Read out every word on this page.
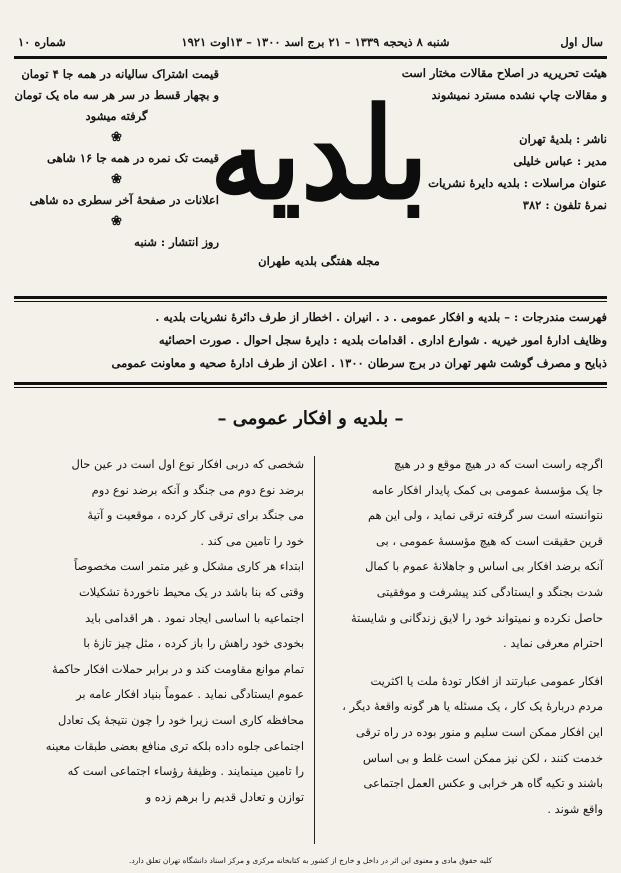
سال اول
شنبه ۸ ذیحجه ۱۳۳۹ – ۲۱ برج اسد ۱۳۰۰ – ۱۳اوت ۱۹۲۱
شماره ۱۰
هیئت تحریریه در اصلاح مقالات مختار است
و مقالات چاپ نشده مسترد نمیشوند
ناشر : بلدیهٔ تهران
مدیر : عباس خلیلی
عنوان مراسلات : بلدیه دایرهٔ نشریات
نمرهٔ تلفون : ۳۸۲
بلدیه
مجله هفتگی بلدیه طهران
قیمت اشتراک سالیانه در همه جا ۴ تومان
و بچهار قسط در سر هر سه ماه یک تومان
گرفته میشود
❀
قیمت تک نمره در همه جا ۱۶ شاهی
❀
اعلانات در صفحهٔ آخر سطری ده شاهی
❀
روز انتشار : شنبه
فهرست مندرجات : – بلدیه و افکار عمومی . د . انیران . اخطار از طرف دائرهٔ نشریات بلدیه .
وظایف ادارهٔ امور خیریه . شوارع اداری . اقدامات بلدیه : دایرهٔ سجل احوال . صورت احصائیه
ذبایح و مصرف گوشت شهر تهران در برج سرطان ۱۳۰۰ . اعلان از طرف ادارهٔ صحیه و معاونت عمومی
– بلدیه و افکار عمومی –
اگرچه راست است که در هیچ موقع و در هیچ
جا یک مؤسسهٔ عمومی بی کمک پایدار افکار عامه
نتوانسته است سر گرفته ترقی نماید ، ولی این هم
قرین حقیقت است که هیچ مؤسسهٔ عمومی ، بی
آنکه برضد افکار بی اساس و جاهلانهٔ عموم با کمال
شدت بجنگد و ایستادگی کند پیشرفت و موفقیتی
حاصل نکرده و نمیتواند خود را لایق زندگانی و شایستهٔ
احترام معرفی نماید .
افکار عمومی عبارتند از افکار تودهٔ ملت یا اکثریت
مردم دربارهٔ یک کار ، یک مسئله یا هر گونه واقعهٔ دیگر ،
این افکار ممکن است سلیم و منور بوده در راه ترقی
خدمت کنند ، لکن نیز ممکن است غلط و بی اساس
باشند و تکیه گاه هر خرابی و عکس العمل اجتماعی
واقع شوند .
شخصی که دربی افکار نوع اول است در عین حال
برضد نوع دوم می جنگد و آنکه برضد نوع دوم
می جنگد برای ترقی کار کرده ، موقعیت و آتیهٔ
خود را تامین می کند .
ابتداء هر کاری مشکل و غیر متمر است مخصوصاً
وقتی که بنا باشد در یک محیط ناخوردهٔ تشکیلات
اجتماعیه با اساسی ایجاد نمود . هر اقدامی باید
بخودی خود راهش را باز کرده ، مثل چیز تازهٔ با
تمام موانع مقاومت کند و در برابر حملات افکار حاکمهٔ
عموم ایستادگی نماید . عموماً بنیاد افکار عامه بر
محافظه کاری است زیرا خود را چون نتیجهٔ یک تعادل
اجتماعی جلوه داده بلکه تری منافع بعضی طبقات معینه
را تامین مینمایند . وظیفهٔ رؤساء اجتماعی است که
توازن و تعادل قدیم را برهم زده و
کلیه حقوق مادی و معنوی این اثر در داخل و خارج از کشور به کتابخانه مرکزی و مرکز اسناد دانشگاه تهران تعلق دارد.
